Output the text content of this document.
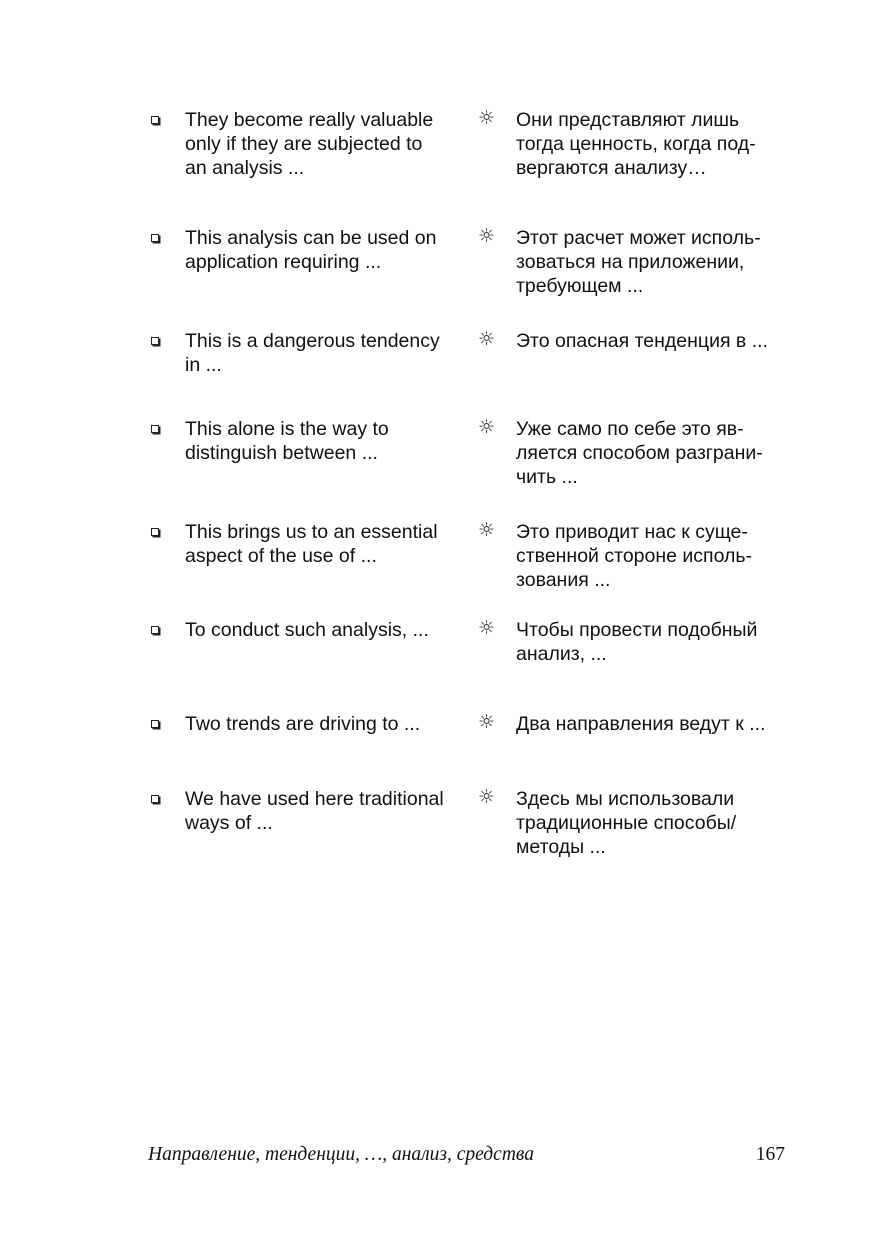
They become really valuable
only if they are subjected to
an analysis ...
☼ Они представляют лишь
тогда ценность, когда под-
вергаются анализу…
This analysis can be used on
application requiring ...
☼ Этот расчет может исполь-
зоваться на приложении,
требующем ...
This is a dangerous tendency
in ...
☼ Это опасная тенденция в ...
This alone is the way to
distinguish between ...
☼ Уже само по себе это яв-
ляется способом разграни-
чить ...
This brings us to an essential
aspect of the use of ...
☼ Это приводит нас к суще-
ственной стороне исполь-
зования ...
To conduct such analysis, ...	☼ Чтобы провести подобный
анализ, ...
Two trends are driving to ...	☼ Два направления ведут к ...
We have used here traditional
ways of ...
☼ Здесь мы использовали
традиционные способы/
методы ...
Направление, тенденции, …, анализ, средства	167
